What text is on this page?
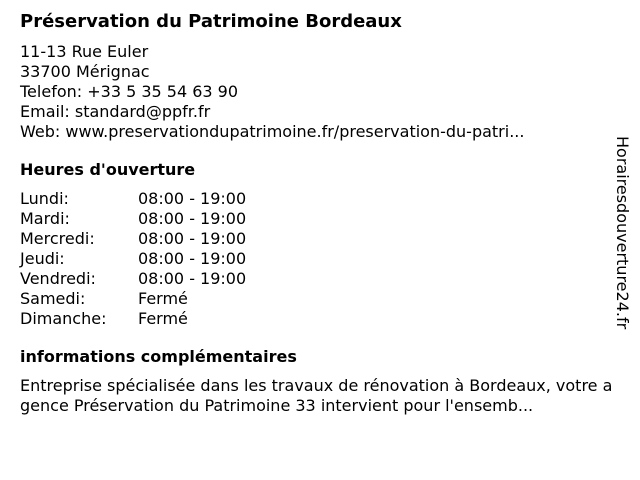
Préservation du Patrimoine Bordeaux
11-13 Rue Euler
33700 Mérignac
Telefon: +33 5 35 54 63 90
Email: standard@ppfr.fr
Web: www.preservationdupatrimoine.fr/preservation-du-patri...
Heures d'ouverture
Lundi:	08:00 - 19:00
Mardi:	08:00 - 19:00
Mercredi:	08:00 - 19:00
Jeudi:	08:00 - 19:00
Vendredi:	08:00 - 19:00
Samedi:	Fermé
Dimanche:	Fermé
informations complémentaires
Entreprise spécialisée dans les travaux de rénovation à Bordeaux, votre agence Préservation du Patrimoine 33 intervient pour l'ensemb...
Horairesdouverture24.fr
